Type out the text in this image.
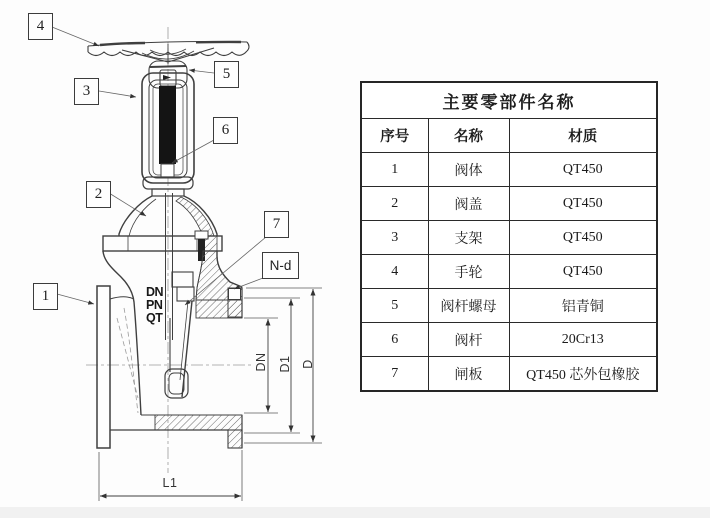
4
3
5
6
2
7
1
N-d
DN D1 D
L1
DN
PN
QT
主要零部件名称		
序号	名称	材质
1	阀体	QT450
2	阀盖	QT450
3	支架	QT450
4	手轮	QT450
5	阀杆螺母	铝青铜
6	阀杆	20Cr13
7	闸板	QT450 芯外包橡胶
